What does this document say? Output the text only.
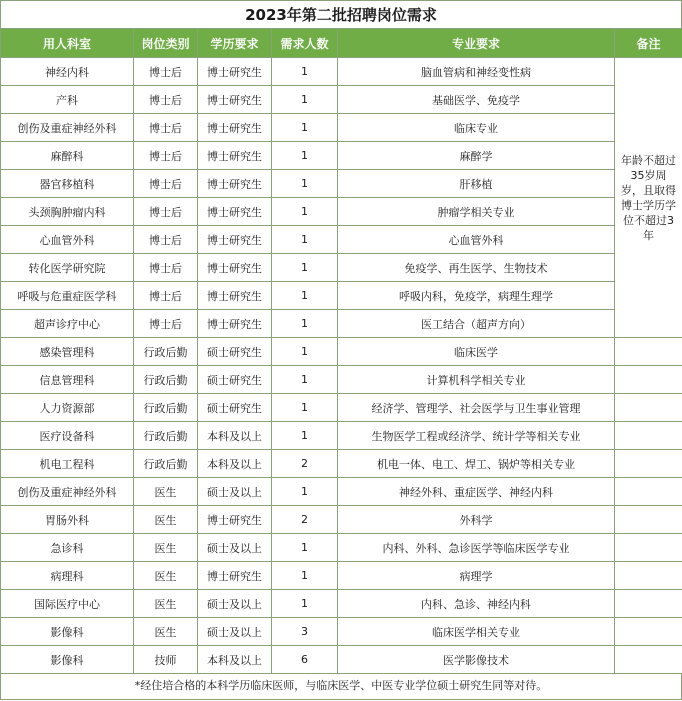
2023年第二批招聘岗位需求
用人科室	岗位类别	学历要求	需求人数	专业要求	备注
神经内科	博士后	博士研究生	1	脑血管病和神经变性病	年龄不超过35岁周岁，且取得博士学历学位不超过3年
产科	博士后	博士研究生	1	基础医学、免疫学	
创伤及重症神经外科	博士后	博士研究生	1	临床专业	
麻醉科	博士后	博士研究生	1	麻醉学	
器官移植科	博士后	博士研究生	1	肝移植	
头颈胸肿瘤内科	博士后	博士研究生	1	肿瘤学相关专业	
心血管外科	博士后	博士研究生	1	心血管外科	
转化医学研究院	博士后	博士研究生	1	免疫学、再生医学、生物技术	
呼吸与危重症医学科	博士后	博士研究生	1	呼吸内科，免疫学，病理生理学	
超声诊疗中心	博士后	博士研究生	1	医工结合（超声方向）	
感染管理科	行政后勤	硕士研究生	1	临床医学	
信息管理科	行政后勤	硕士研究生	1	计算机科学相关专业	
人力资源部	行政后勤	硕士研究生	1	经济学、管理学、社会医学与卫生事业管理	
医疗设备科	行政后勤	本科及以上	1	生物医学工程或经济学、统计学等相关专业	
机电工程科	行政后勤	本科及以上	2	机电一体、电工、焊工、锅炉等相关专业	
创伤及重症神经外科	医生	硕士及以上	1	神经外科、重症医学、神经内科	
胃肠外科	医生	博士研究生	2	外科学	
急诊科	医生	硕士及以上	1	内科、外科、急诊医学等临床医学专业	
病理科	医生	博士研究生	1	病理学	
国际医疗中心	医生	硕士及以上	1	内科、急诊、神经内科	
影像科	医生	硕士及以上	3	临床医学相关专业	
影像科	技师	本科及以上	6	医学影像技术	
*经住培合格的本科学历临床医师，与临床医学、中医专业学位硕士研究生同等对待。
